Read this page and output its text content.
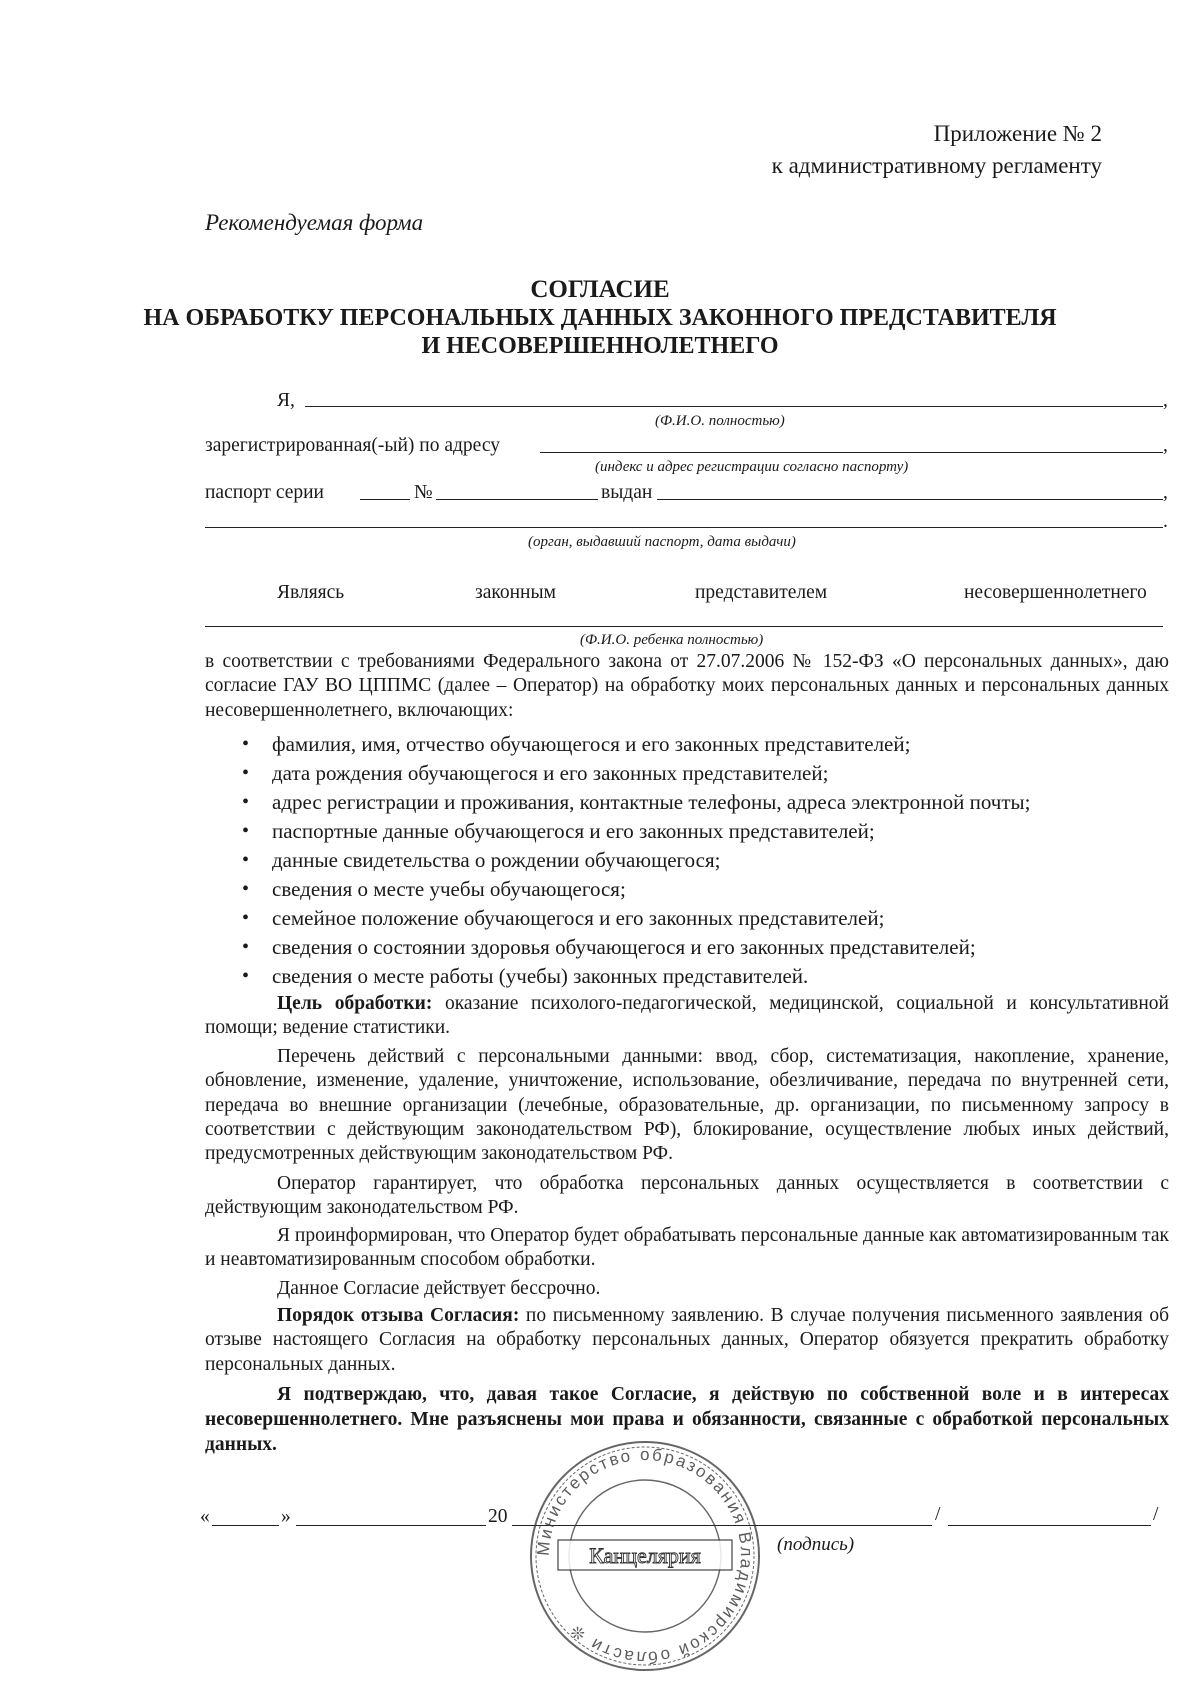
Приложение № 2
к административному регламенту
Рекомендуемая форма
СОГЛАСИЕ
НА ОБРАБОТКУ ПЕРСОНАЛЬНЫХ ДАННЫХ ЗАКОННОГО ПРЕДСТАВИТЕЛЯ
И НЕСОВЕРШЕННОЛЕТНЕГО
Я,	,
(Ф.И.О. полностью)
зарегистрированная(-ый) по адресу	,
(индекс и адрес регистрации согласно паспорту)
паспорт серии	№	выдан	,
.
(орган, выдавший паспорт, дата выдачи)
Являясь	законным	представителем	несовершеннолетнего
(Ф.И.О. ребенка полностью)
в соответствии с требованиями Федерального закона от 27.07.2006 № 152-ФЗ «О персональных данных», даю согласие ГАУ ВО ЦППМС (далее – Оператор) на обработку моих персональных данных и персональных данных несовершеннолетнего, включающих:
• фамилия, имя, отчество обучающегося и его законных представителей;
• дата рождения обучающегося и его законных представителей;
• адрес регистрации и проживания, контактные телефоны, адреса электронной почты;
• паспортные данные обучающегося и его законных представителей;
• данные свидетельства о рождении обучающегося;
• сведения о месте учебы обучающегося;
• семейное положение обучающегося и его законных представителей;
• сведения о состоянии здоровья обучающегося и его законных представителей;
• сведения о месте работы (учебы) законных представителей.
Цель обработки: оказание психолого-педагогической, медицинской, социальной и консультативной помощи; ведение статистики.
Перечень действий с персональными данными: ввод, сбор, систематизация, накопление, хранение, обновление, изменение, удаление, уничтожение, использование, обезличивание, передача по внутренней сети, передача во внешние организации (лечебные, образовательные, др. организации, по письменному запросу в соответствии с действующим законодательством РФ), блокирование, осуществление любых иных действий, предусмотренных действующим законодательством РФ.
Оператор гарантирует, что обработка персональных данных осуществляется в соответствии с действующим законодательством РФ.
Я проинформирован, что Оператор будет обрабатывать персональные данные как автоматизированным так и неавтоматизированным способом обработки.
Данное Согласие действует бессрочно.
Порядок отзыва Согласия: по письменному заявлению. В случае получения письменного заявления об отзыве настоящего Согласия на обработку персональных данных, Оператор обязуется прекратить обработку персональных данных.
Я подтверждаю, что, давая такое Согласие, я действую по собственной воле и в интересах несовершеннолетнего. Мне разъяснены мои права и обязанности, связанные с обработкой персональных данных.
«	»	20	/	/
(подпись)
Министерство образования Владимирской области ❊
Канцелярия
